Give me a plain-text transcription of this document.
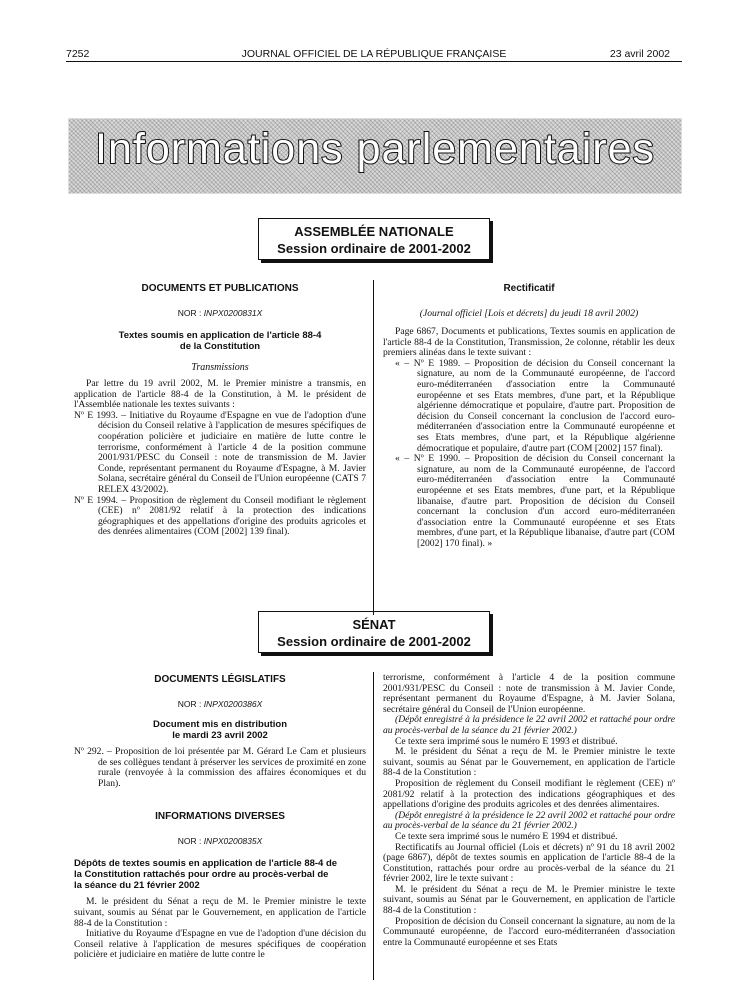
7252	JOURNAL OFFICIEL DE LA RÉPUBLIQUE FRANÇAISE	23 avril 2002
Informations parlementaires
ASSEMBLÉE NATIONALE
Session ordinaire de 2001-2002
DOCUMENTS ET PUBLICATIONS
NOR : INPX0200831X
Textes soumis en application de l'article 88-4
de la Constitution
Transmissions

Par lettre du 19 avril 2002, M. le Premier ministre a transmis, en application de l'article 88-4 de la Constitution, à M. le président de l'Assemblée nationale les textes suivants :

Nº E 1993. – Initiative du Royaume d'Espagne en vue de l'adoption d'une décision du Conseil relative à l'application de mesures spécifiques de coopération policière et judiciaire en matière de lutte contre le terrorisme, conformément à l'article 4 de la position commune 2001/931/PESC du Conseil : note de transmission de M. Javier Conde, représentant permanent du Royaume d'Espagne, à M. Javier Solana, secrétaire général du Conseil de l'Union européenne (CATS 7 RELEX 43/2002).

Nº E 1994. – Proposition de règlement du Conseil modifiant le règlement (CEE) nº 2081/92 relatif à la protection des indications géographiques et des appellations d'origine des produits agricoles et des denrées alimentaires (COM [2002] 139 final).

Rectificatif
(Journal officiel [Lois et décrets] du jeudi 18 avril 2002)

Page 6867, Documents et publications, Textes soumis en application de l'article 88-4 de la Constitution, Transmission, 2e colonne, rétablir les deux premiers alinéas dans le texte suivant :

« – Nº E 1989. – Proposition de décision du Conseil concernant la signature, au nom de la Communauté européenne, de l'accord euro-méditerranéen d'association entre la Communauté européenne et ses Etats membres, d'une part, et la République algérienne démocratique et populaire, d'autre part. Proposition de décision du Conseil concernant la conclusion de l'accord euro-méditerranéen d'association entre la Communauté européenne et ses Etats membres, d'une part, et la République algérienne démocratique et populaire, d'autre part (COM [2002] 157 final).

« – Nº E 1990. – Proposition de décision du Conseil concernant la signature, au nom de la Communauté européenne, de l'accord euro-méditerranéen d'association entre la Communauté européenne et ses Etats membres, d'une part, et la République libanaise, d'autre part. Proposition de décision du Conseil concernant la conclusion d'un accord euro-méditerranéen d'association entre la Communauté européenne et ses Etats membres, d'une part, et la République libanaise, d'autre part (COM [2002] 170 final). »

SÉNAT
Session ordinaire de 2001-2002
DOCUMENTS LÉGISLATIFS
NOR : INPX0200386X
Document mis en distribution
le mardi 23 avril 2002

Nº 292. – Proposition de loi présentée par M. Gérard Le Cam et plusieurs de ses collègues tendant à préserver les services de proximité en zone rurale (renvoyée à la commission des affaires économiques et du Plan).

INFORMATIONS DIVERSES
NOR : INPX0200835X
Dépôts de textes soumis en application de l'article 88-4 de
la Constitution rattachés pour ordre au procès-verbal de
la séance du 21 février 2002

M. le président du Sénat a reçu de M. le Premier ministre le texte suivant, soumis au Sénat par le Gouvernement, en application de l'article 88-4 de la Constitution :

Initiative du Royaume d'Espagne en vue de l'adoption d'une décision du Conseil relative à l'application de mesures spécifiques de coopération policière et judiciaire en matière de lutte contre le

terrorisme, conformément à l'article 4 de la position commune 2001/931/PESC du Conseil : note de transmission à M. Javier Conde, représentant permanent du Royaume d'Espagne, à M. Javier Solana, secrétaire général du Conseil de l'Union européenne.

(Dépôt enregistré à la présidence le 22 avril 2002 et rattaché pour ordre au procès-verbal de la séance du 21 février 2002.)

Ce texte sera imprimé sous le numéro E 1993 et distribué.

M. le président du Sénat a reçu de M. le Premier ministre le texte suivant, soumis au Sénat par le Gouvernement, en application de l'article 88-4 de la Constitution :

Proposition de règlement du Conseil modifiant le règlement (CEE) nº 2081/92 relatif à la protection des indications géographiques et des appellations d'origine des produits agricoles et des denrées alimentaires.

(Dépôt enregistré à la présidence le 22 avril 2002 et rattaché pour ordre au procès-verbal de la séance du 21 février 2002.)

Ce texte sera imprimé sous le numéro E 1994 et distribué.

Rectificatifs au Journal officiel (Lois et décrets) nº 91 du 18 avril 2002 (page 6867), dépôt de textes soumis en application de l'article 88-4 de la Constitution, rattachés pour ordre au procès-verbal de la séance du 21 février 2002, lire le texte suivant :

M. le président du Sénat a reçu de M. le Premier ministre le texte suivant, soumis au Sénat par le Gouvernement, en application de l'article 88-4 de la Constitution :

Proposition de décision du Conseil concernant la signature, au nom de la Communauté européenne, de l'accord euro-méditerranéen d'association entre la Communauté européenne et ses Etats
